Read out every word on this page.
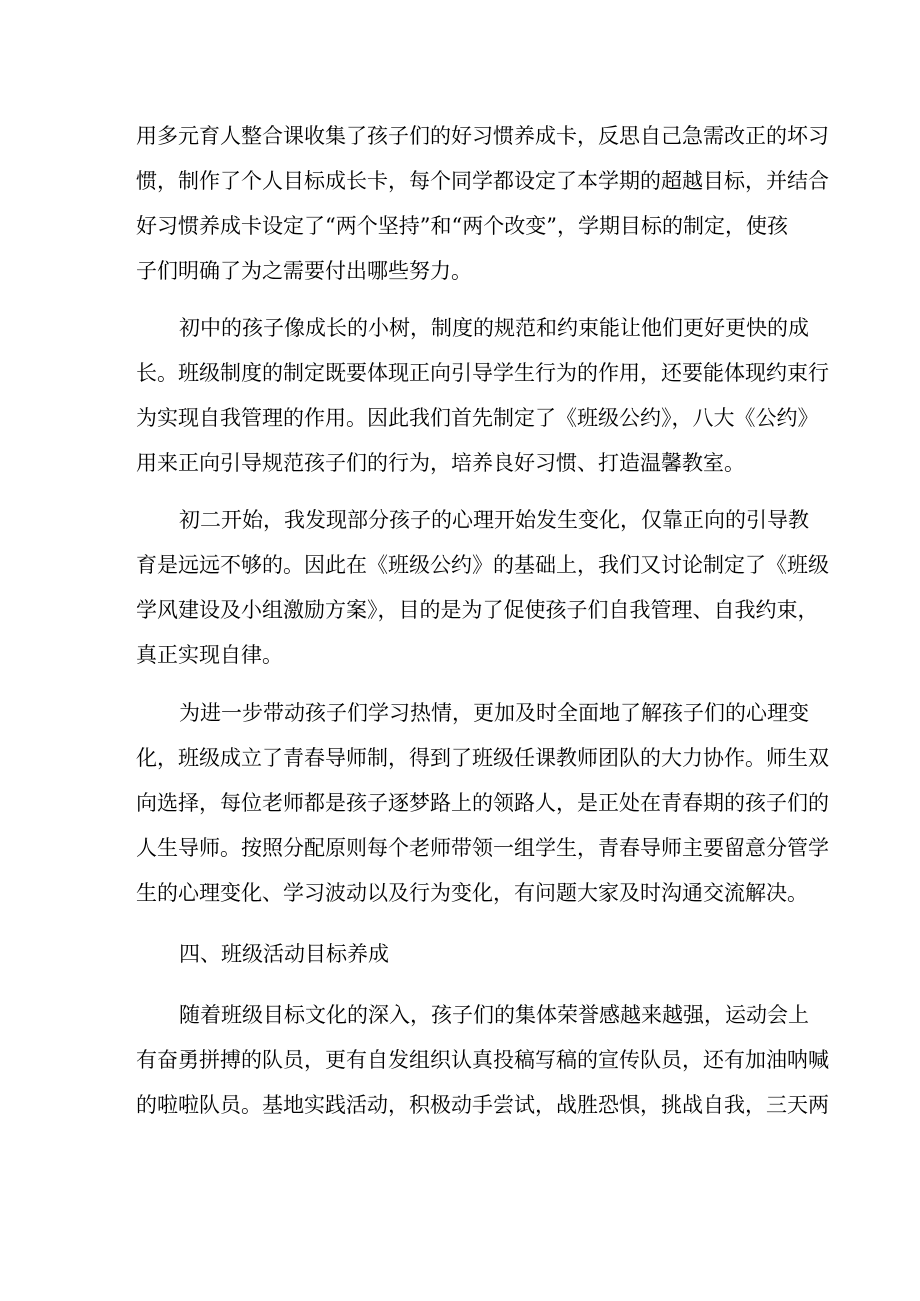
用多元育人整合课收集了孩子们的好习惯养成卡，反思自己急需改正的坏习
惯，制作了个人目标成长卡，每个同学都设定了本学期的超越目标，并结合
好习惯养成卡设定了“两个坚持”和“两个改变”，学期目标的制定，使孩
子们明确了为之需要付出哪些努力。
初中的孩子像成长的小树，制度的规范和约束能让他们更好更快的成
长。班级制度的制定既要体现正向引导学生行为的作用，还要能体现约束行
为实现自我管理的作用。因此我们首先制定了《班级公约》，八大《公约》
用来正向引导规范孩子们的行为，培养良好习惯、打造温馨教室。
初二开始，我发现部分孩子的心理开始发生变化，仅靠正向的引导教
育是远远不够的。因此在《班级公约》的基础上，我们又讨论制定了《班级
学风建设及小组激励方案》，目的是为了促使孩子们自我管理、自我约束，
真正实现自律。
为进一步带动孩子们学习热情，更加及时全面地了解孩子们的心理变
化，班级成立了青春导师制，得到了班级任课教师团队的大力协作。师生双
向选择，每位老师都是孩子逐梦路上的领路人，是正处在青春期的孩子们的
人生导师。按照分配原则每个老师带领一组学生，青春导师主要留意分管学
生的心理变化、学习波动以及行为变化，有问题大家及时沟通交流解决。
四、班级活动目标养成
随着班级目标文化的深入，孩子们的集体荣誉感越来越强，运动会上
有奋勇拼搏的队员，更有自发组织认真投稿写稿的宣传队员，还有加油呐喊
的啦啦队员。基地实践活动，积极动手尝试，战胜恐惧，挑战自我，三天两
